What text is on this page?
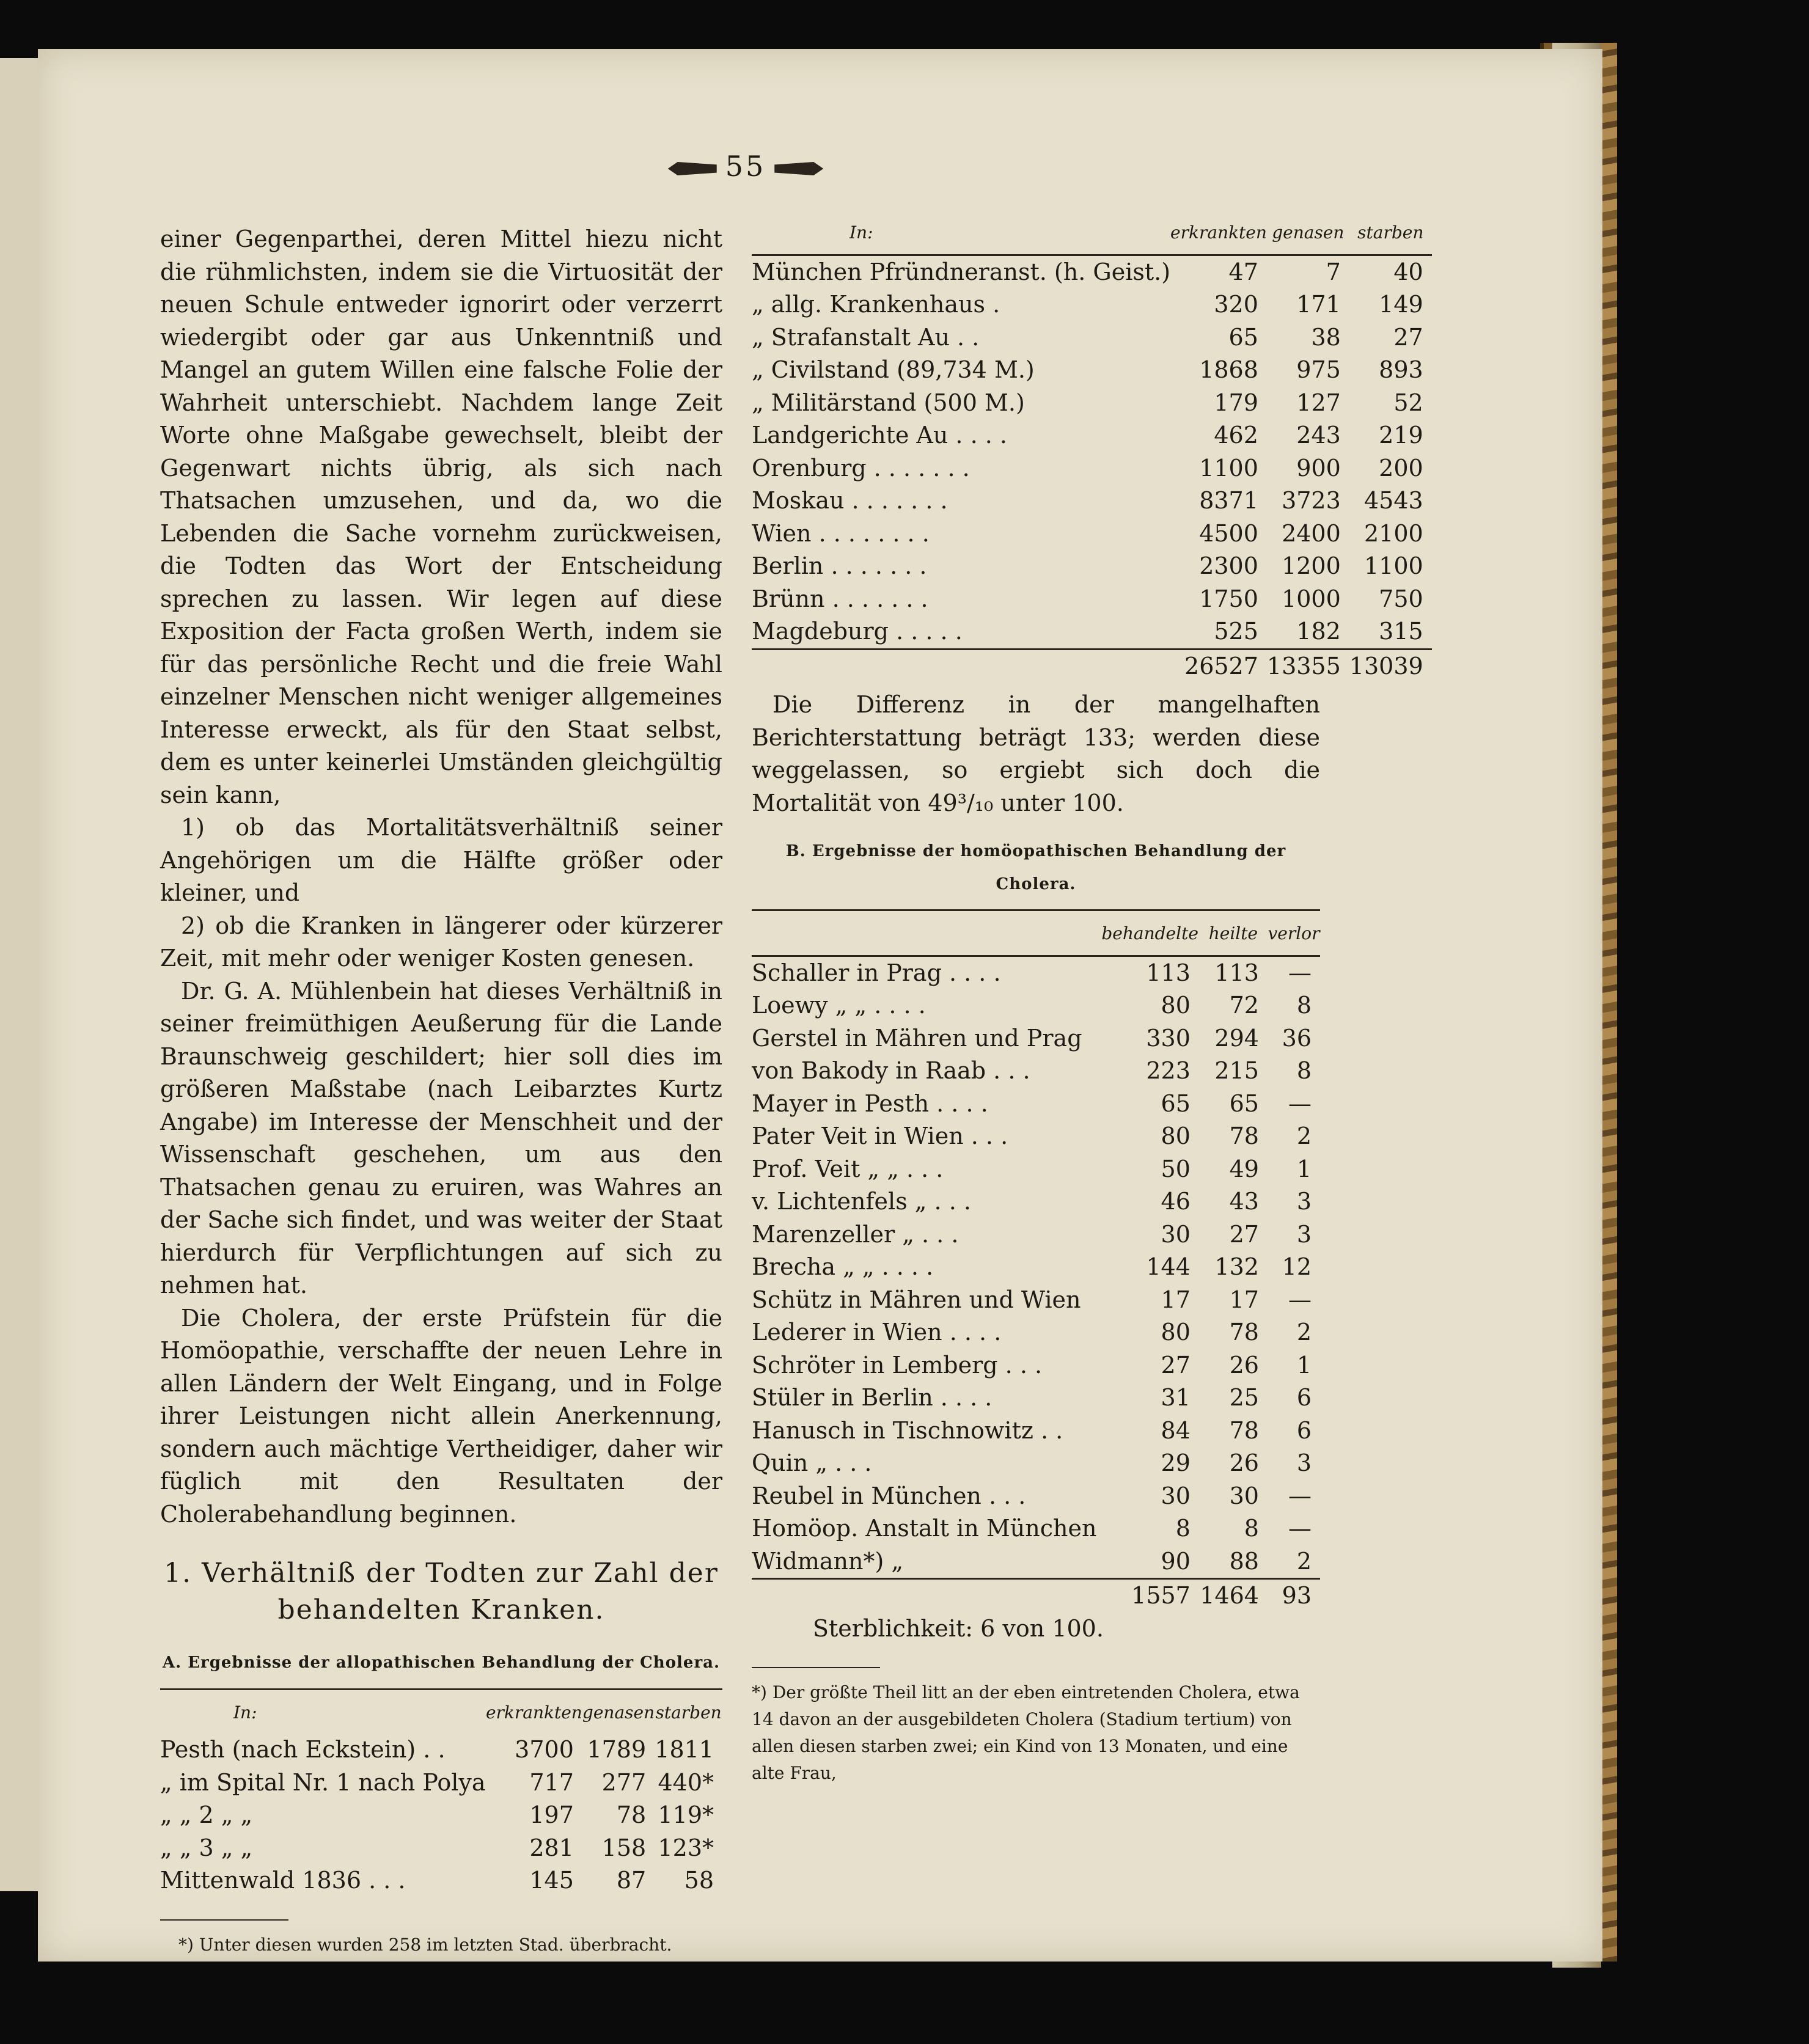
55

einer Gegenparthei, deren Mittel hiezu nicht die rühmlichsten, indem sie die Virtuosität der neuen Schule entweder ignorirt oder verzerrt wiedergibt oder gar aus Unkenntniß und Mangel an gutem Willen eine falsche Folie der Wahrheit unterschiebt. Nachdem lange Zeit Worte ohne Maßgabe gewechselt, bleibt der Gegenwart nichts übrig, als sich nach Thatsachen umzusehen, und da, wo die Lebenden die Sache vornehm zurückweisen, die Todten das Wort der Entscheidung sprechen zu lassen. Wir legen auf diese Exposition der Facta großen Werth, indem sie für das persönliche Recht und die freie Wahl einzelner Menschen nicht weniger allgemeines Interesse erweckt, als für den Staat selbst, dem es unter keinerlei Umständen gleichgültig sein kann,

1) ob das Mortalitätsverhältniß seiner Angehörigen um die Hälfte größer oder kleiner, und

2) ob die Kranken in längerer oder kürzerer Zeit, mit mehr oder weniger Kosten genesen.

Dr. G. A. Mühlenbein hat dieses Verhältniß in seiner freimüthigen Aeußerung für die Lande Braunschweig geschildert; hier soll dies im größeren Maßstabe (nach Leibarztes Kurtz Angabe) im Interesse der Menschheit und der Wissenschaft geschehen, um aus den Thatsachen genau zu eruiren, was Wahres an der Sache sich findet, und was weiter der Staat hierdurch für Verpflichtungen auf sich zu nehmen hat.

Die Cholera, der erste Prüfstein für die Homöopathie, verschaffte der neuen Lehre in allen Ländern der Welt Eingang, und in Folge ihrer Leistungen nicht allein Anerkennung, sondern auch mächtige Vertheidiger, daher wir füglich mit den Resultaten der Cholerabehandlung beginnen.

1. Verhältniß der Todten zur Zahl der behandelten Kranken.
A. Ergebnisse der allopathischen Behandlung der Cholera.
In:	erkrankten	genasen	starben
Pesth (nach Eckstein) . .	3700	1789	1811
„ im Spital Nr. 1 nach Polya	717	277	440*
„ „ 2 „ „	197	78	119*
„ „ 3 „ „	281	158	123*
Mittenwald 1836 . . .	145	87	58
*) Unter diesen wurden 258 im letzten Stad. überbracht.
In:	erkrankten	genasen	starben
München Pfründneranst. (h. Geist.)	47	7	40
„ allg. Krankenhaus .	320	171	149
„ Strafanstalt Au . .	65	38	27
„ Civilstand (89,734 M.)	1868	975	893
„ Militärstand (500 M.)	179	127	52
Landgerichte Au . . . .	462	243	219
Orenburg . . . . . . .	1100	900	200
Moskau . . . . . . .	8371	3723	4543
Wien . . . . . . . .	4500	2400	2100
Berlin . . . . . . .	2300	1200	1100
Brünn . . . . . . .	1750	1000	750
Magdeburg . . . . .	525	182	315
	26527	13355	13039

Die Differenz in der mangelhaften Berichterstattung beträgt 133; werden diese weggelassen, so ergiebt sich doch die Mortalität von 49³/₁₀ unter 100.

B. Ergebnisse der homöopathischen Behandlung der Cholera.
	behandelte	heilte	verlor
Schaller in Prag . . . .	113	113	—
Loewy „ „ . . . .	80	72	8
Gerstel in Mähren und Prag	330	294	36
von Bakody in Raab . . .	223	215	8
Mayer in Pesth . . . .	65	65	—
Pater Veit in Wien . . .	80	78	2
Prof. Veit „ „ . . .	50	49	1
v. Lichtenfels „ . . .	46	43	3
Marenzeller „ . . .	30	27	3
Brecha „ „ . . . .	144	132	12
Schütz in Mähren und Wien	17	17	—
Lederer in Wien . . . .	80	78	2
Schröter in Lemberg . . .	27	26	1
Stüler in Berlin . . . .	31	25	6
Hanusch in Tischnowitz . .	84	78	6
Quin „ . . .	29	26	3
Reubel in München . . .	30	30	—
Homöop. Anstalt in München	8	8	—
Widmann*) „	90	88	2
	1557	1464	93

Sterblichkeit: 6 von 100.

*) Der größte Theil litt an der eben eintretenden Cholera, etwa 14 davon an der ausgebildeten Cholera (Stadium tertium) von allen diesen starben zwei; ein Kind von 13 Monaten, und eine alte Frau,
